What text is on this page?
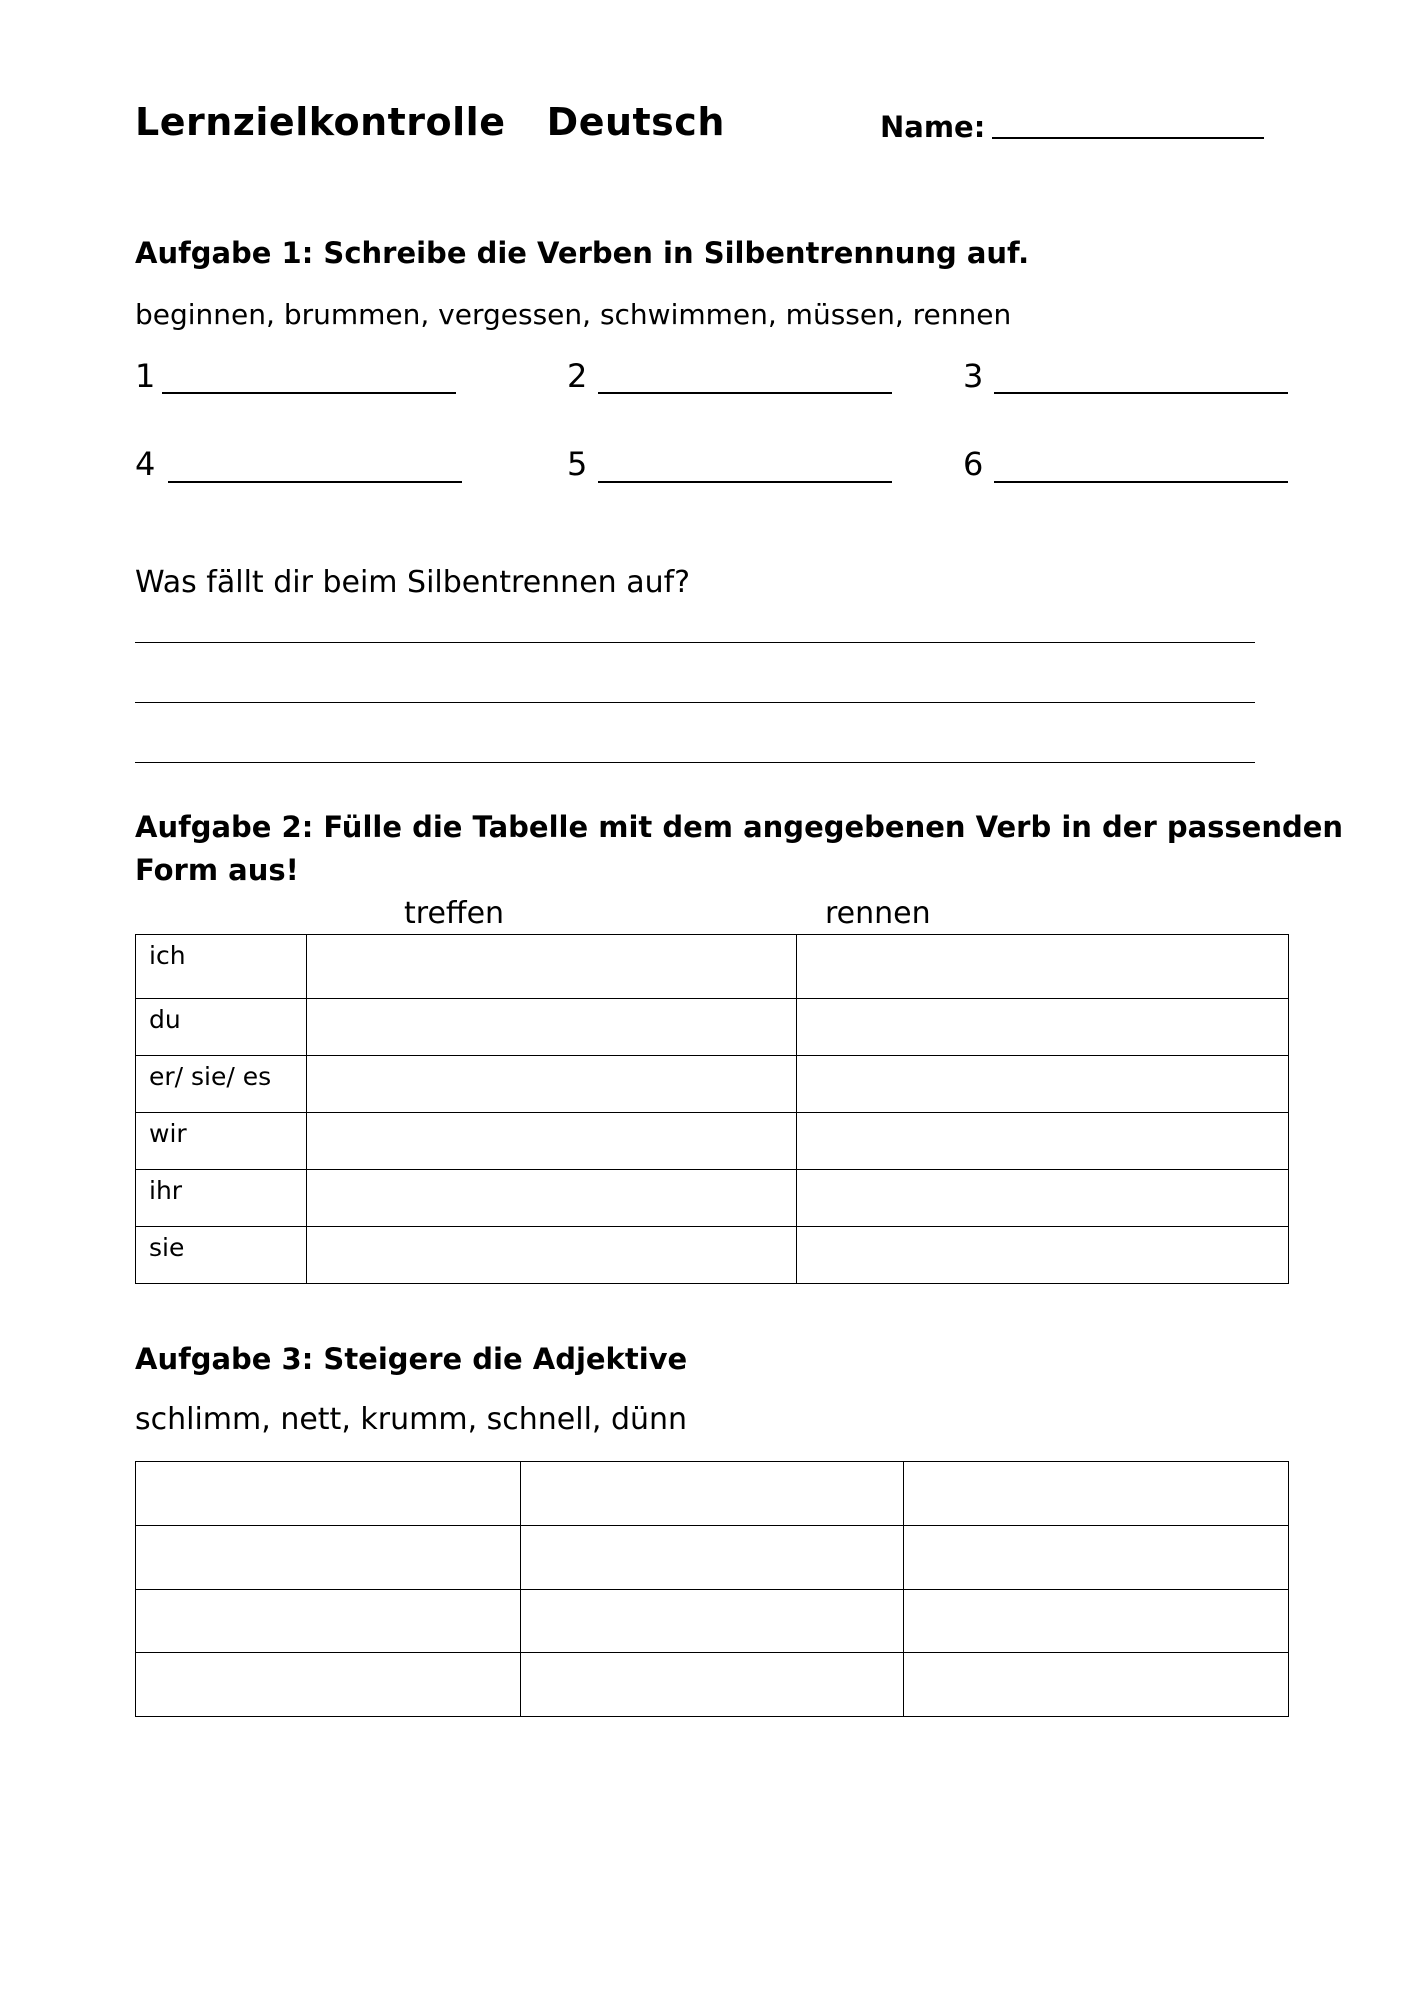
Lernzielkontrolle   Deutsch	Name:
Aufgabe 1: Schreibe die Verben in Silbentrennung auf.
beginnen, brummen, vergessen, schwimmen, müssen, rennen
1	2	3
4	5	6
Was fällt dir beim Silbentrennen auf?
Aufgabe 2: Fülle die Tabelle mit dem angegebenen Verb in der passenden
Form aus!
treffen	rennen
ich		
du		
er/ sie/ es		
wir		
ihr		
sie		
Aufgabe 3: Steigere die Adjektive
schlimm, nett, krumm, schnell, dünn
